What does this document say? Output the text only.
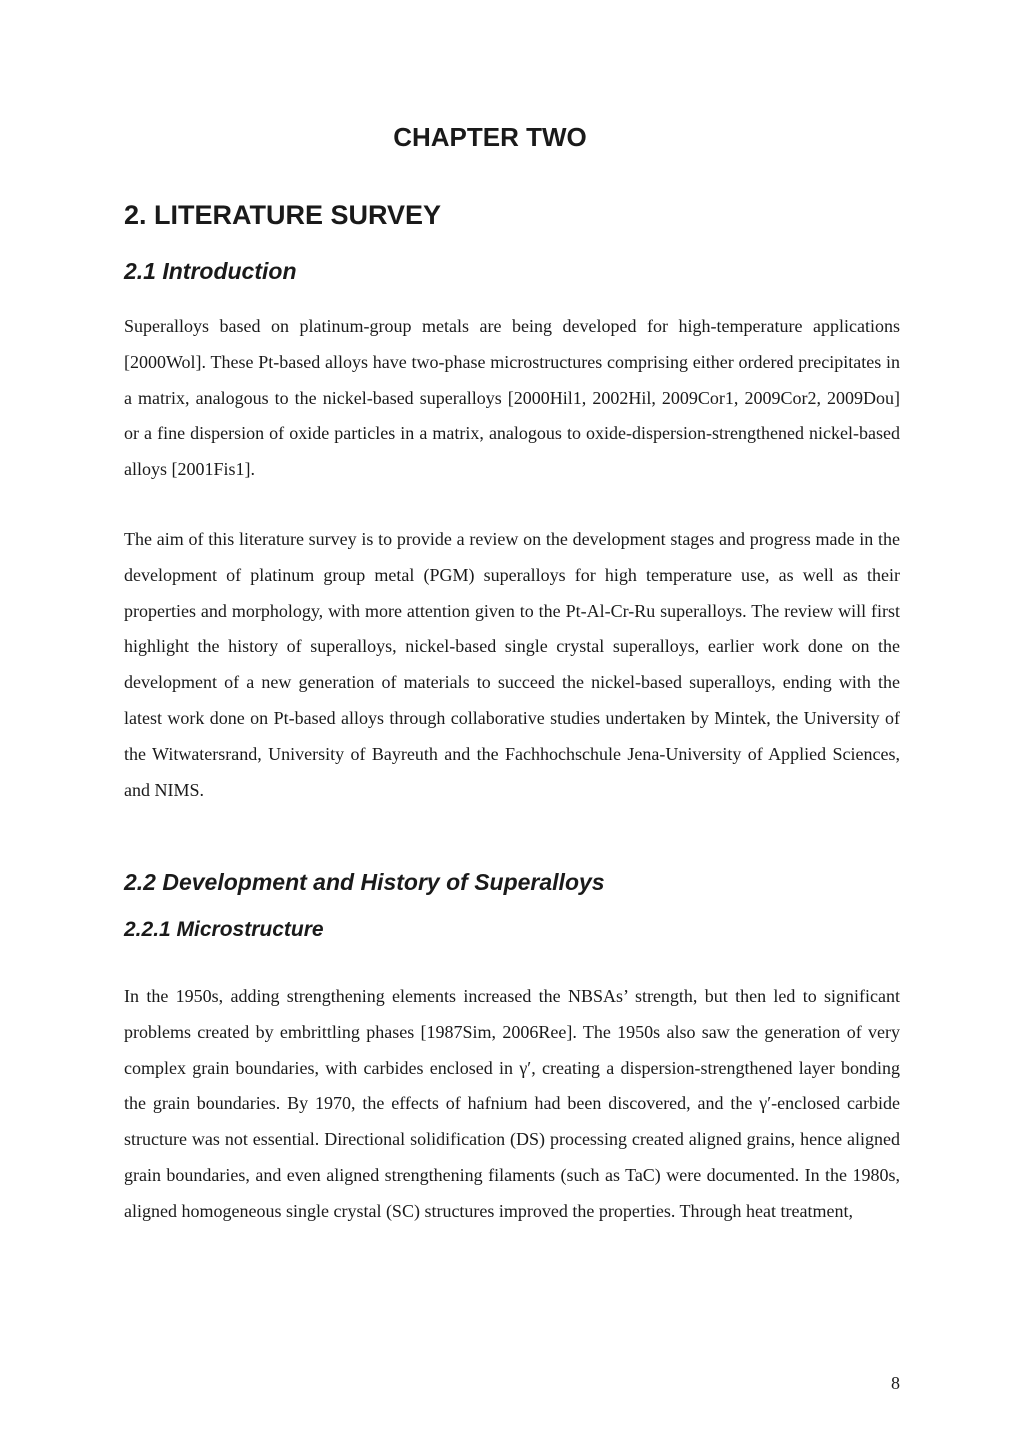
CHAPTER TWO
2. LITERATURE SURVEY
2.1 Introduction

Superalloys based on platinum-group metals are being developed for high-temperature applications [2000Wol]. These Pt-based alloys have two-phase microstructures comprising either ordered precipitates in a matrix, analogous to the nickel-based superalloys [2000Hil1, 2002Hil, 2009Cor1, 2009Cor2, 2009Dou] or a fine dispersion of oxide particles in a matrix, analogous to oxide-dispersion-strengthened nickel-based alloys [2001Fis1].

The aim of this literature survey is to provide a review on the development stages and progress made in the development of platinum group metal (PGM) superalloys for high temperature use, as well as their properties and morphology, with more attention given to the Pt-Al-Cr-Ru superalloys. The review will first highlight the history of superalloys, nickel-based single crystal superalloys, earlier work done on the development of a new generation of materials to succeed the nickel-based superalloys, ending with the latest work done on Pt-based alloys through collaborative studies undertaken by Mintek, the University of the Witwatersrand, University of Bayreuth and the Fachhochschule Jena-University of Applied Sciences, and NIMS.

2.2 Development and History of Superalloys
2.2.1 Microstructure

In the 1950s, adding strengthening elements increased the NBSAs’ strength, but then led to significant problems created by embrittling phases [1987Sim, 2006Ree]. The 1950s also saw the generation of very complex grain boundaries, with carbides enclosed in γ′, creating a dispersion-strengthened layer bonding the grain boundaries. By 1970, the effects of hafnium had been discovered, and the γ′-enclosed carbide structure was not essential. Directional solidification (DS) processing created aligned grains, hence aligned grain boundaries, and even aligned strengthening filaments (such as TaC) were documented. In the 1980s, aligned homogeneous single crystal (SC) structures improved the properties. Through heat treatment,

8
